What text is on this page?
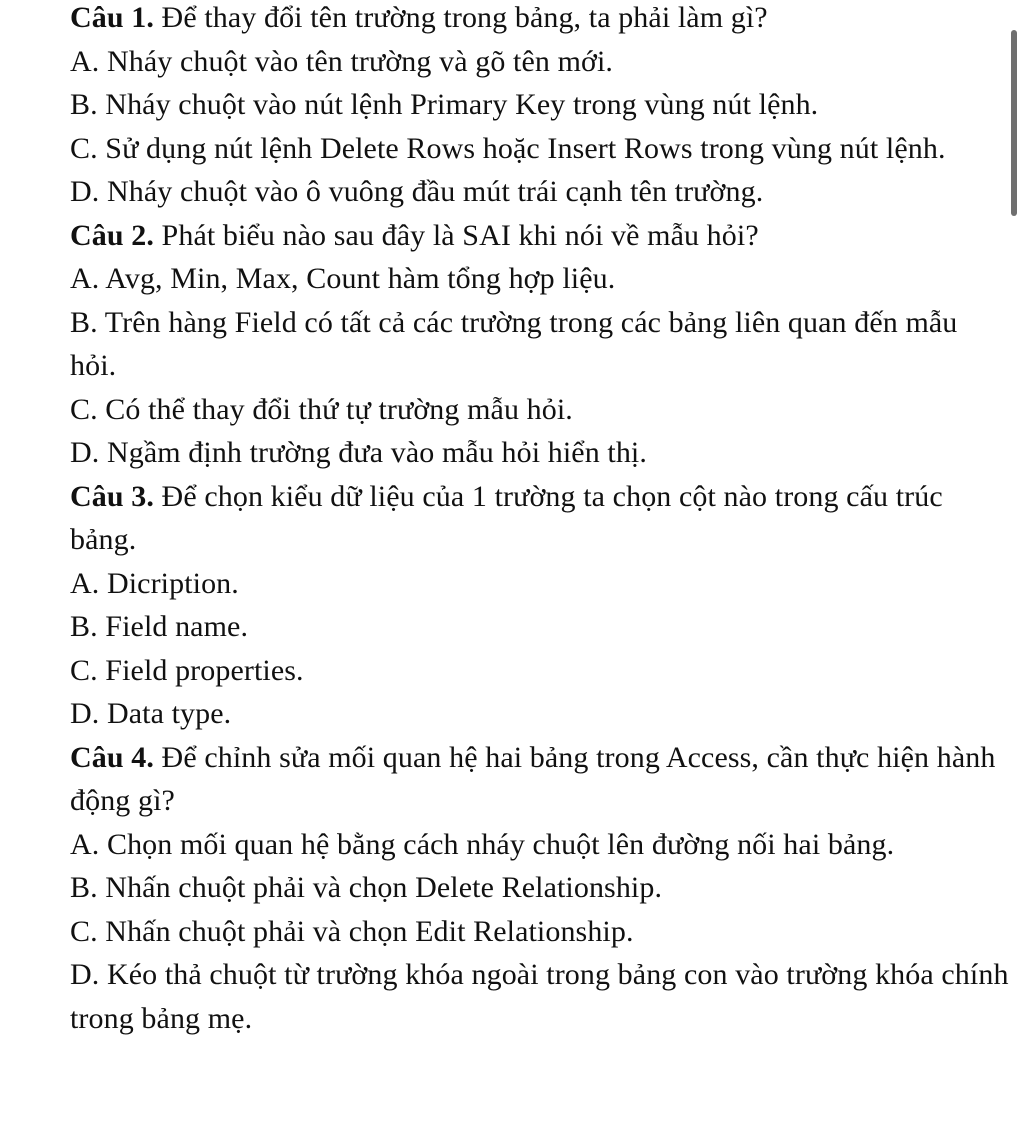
Câu 1. Để thay đổi tên trường trong bảng, ta phải làm gì?

A. Nháy chuột vào tên trường và gõ tên mới.

B. Nháy chuột vào nút lệnh Primary Key trong vùng nút lệnh.

C. Sử dụng nút lệnh Delete Rows hoặc Insert Rows trong vùng nút lệnh.

D. Nháy chuột vào ô vuông đầu mút trái cạnh tên trường.

Câu 2. Phát biểu nào sau đây là SAI khi nói về mẫu hỏi?

A. Avg, Min, Max, Count hàm tổng hợp liệu.

B. Trên hàng Field có tất cả các trường trong các bảng liên quan đến mẫu hỏi.

C. Có thể thay đổi thứ tự trường mẫu hỏi.

D. Ngầm định trường đưa vào mẫu hỏi hiển thị.

Câu 3. Để chọn kiểu dữ liệu của 1 trường ta chọn cột nào trong cấu trúc bảng.

A. Dicription.

B. Field name.

C. Field properties.

D. Data type.

Câu 4. Để chỉnh sửa mối quan hệ hai bảng trong Access, cần thực hiện hành động gì?

A. Chọn mối quan hệ bằng cách nháy chuột lên đường nối hai bảng.

B. Nhấn chuột phải và chọn Delete Relationship.

C. Nhấn chuột phải và chọn Edit Relationship.

D. Kéo thả chuột từ trường khóa ngoài trong bảng con vào trường khóa chính trong bảng mẹ.
